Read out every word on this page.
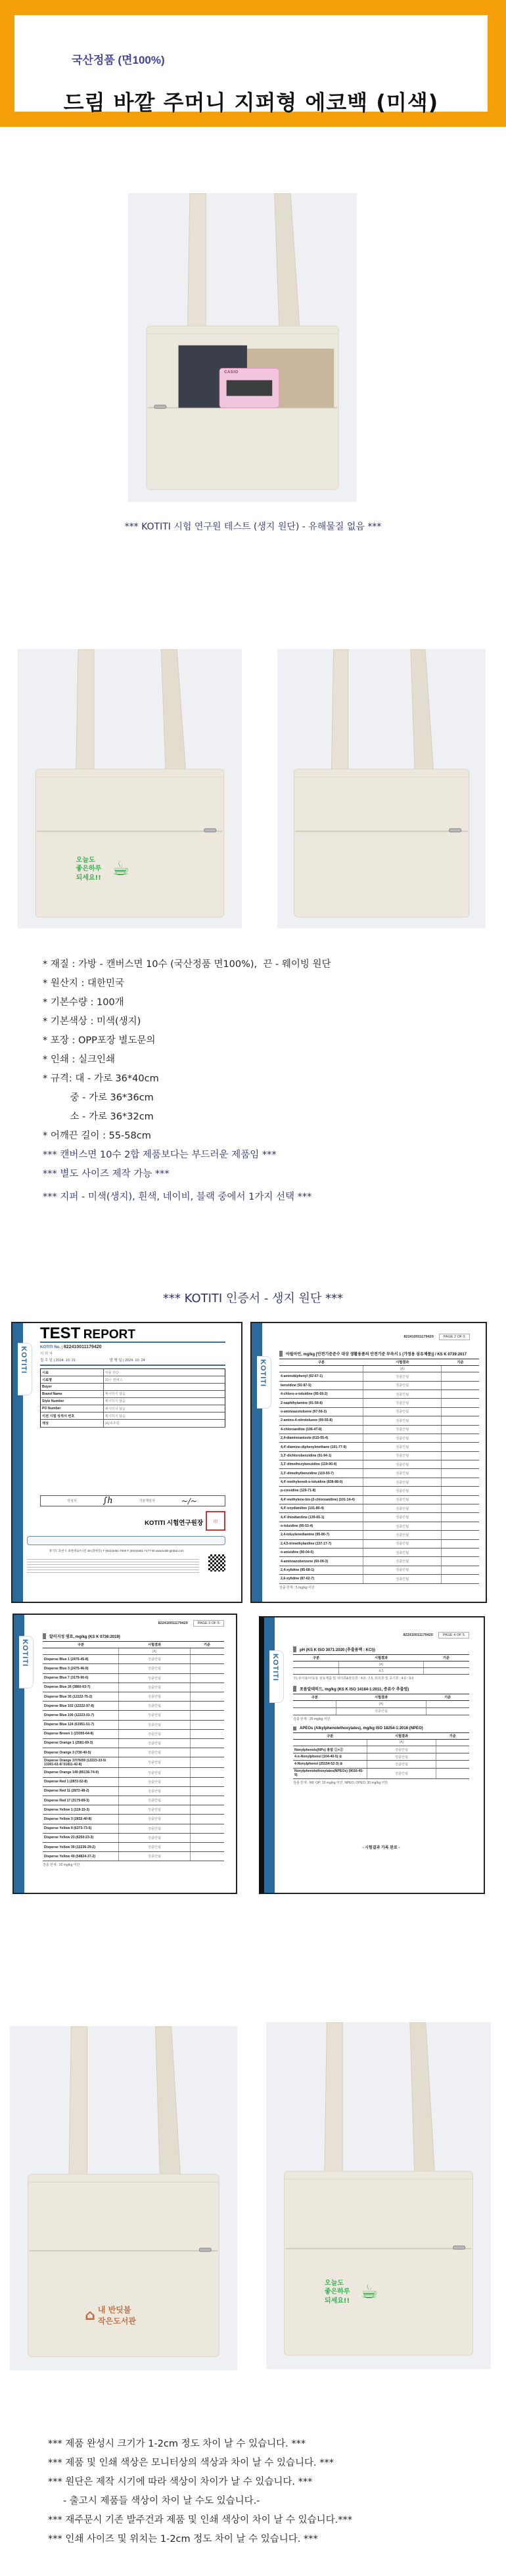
국산정품 (면100%)
드림 바깥 주머니 지퍼형 에코백 (미색)
CASIO
*** KOTITI 시험 연구원 테스트 (생지 원단) - 유해물질 없음 ***
오늘도
좋은하루
되세요!! ☕
* 재질 : 가방 - 캔버스면 10수 (국산정품 면100%),  끈 - 웨이빙 원단
* 원산지 : 대한민국
* 기본수량 : 100개
* 기본색상 : 미색(생지)
* 포장 : OPP포장 별도문의
* 인쇄 : 실크인쇄
* 규격: 대 - 가로 36*40cm
중 - 가로 36*36cm
소 - 가로 36*32cm
* 어깨끈 길이 : 55-58cm
*** 캔버스면 10수 2합 제품보다는 부드러운 제품임 ***
*** 별도 사이즈 제작 가능 ***
*** 지퍼 - 미색(생지), 흰색, 네이비, 블랙 중에서 1가지 선택 ***
*** KOTITI 인증서 - 생지 원단 ***
KOTITI
TEST REPORT
KOTITI No. | 822410011179420
의 뢰 자
접 수 일 | 2024. 10. 21	발 행 일 | 2024. 10. 24
시료	직물 원단
시료명	10수 캔버스
Buyer	
Brand Name	제시하지 않음
Style Number	제시하지 않음
PO Number	제시하지 않음
이전 시험 성적서 번호	제시하지 않음
색상	(A)네추럴
작성자	∫h	기술책임자	~∕~
KOTITI 시험연구원장	印
경기도 과천시 과천대로7나길 48 (갈현동) T (822)3451-7000 F (822)3451-7177 W www.kotiti-global.com
KOTITI
822410011179420	PAGE 2 OF 5
아릴아민, mg/kg [안전기준준수 대상 생활용품의 안전기준 부속서 1 (가정용 섬유제품)] / KS K 0739:2017
구분	시험결과	기준
	(A)	
4-aminobiphenyl (92-67-1)	검출안됨	
benzidine (92-87-5)	검출안됨	
4-chloro-o-toluidine (95-69-2)	검출안됨	
2-naphthylamine (91-59-8)	검출안됨	
o-aminoazotoluene (97-56-3)	검출안됨	
2-amino-4-nitrotoluene (99-55-8)	검출안됨	
4-chloroaniline (106-47-8)	검출안됨	
2,4-diaminoanisole (615-05-4)	검출안됨	
4,4'-diamino-diphenylmethane (101-77-9)	검출안됨	
3,3'-dichlorobenzidine (91-94-1)	검출안됨	
3,3'-dimethoxybenzidine (119-90-4)	검출안됨	
3,3'-dimethylbenzidine (119-93-7)	검출안됨	
4,4'-methylenedi-o-toluidine (838-88-0)	검출안됨	
p-cresidine (120-71-8)	검출안됨	
4,4'-methylene-bis-(2-chloroaniline) (101-14-4)	검출안됨	
4,4'-oxydianiline (101-80-4)	검출안됨	
4,4'-thiodianiline (139-65-1)	검출안됨	
o-toluidine (95-53-4)	검출안됨	
2,4-toluylenediamine (95-80-7)	검출안됨	
2,4,5-trimethylaniline (137-17-7)	검출안됨	
o-anisidine (90-04-0)	검출안됨	
4-aminoazobenzene (60-09-3)	검출안됨	
2,4-xylidine (95-68-1)	검출안됨	
2,6-xylidine (87-62-7)	검출안됨	
검출 한계 : 5 mg/kg 미만
KOTITI
822410011179420	PAGE 3 OF 5
알러지성 염료, mg/kg (KS K 0736:2019)
구분	시험결과	기준
	(A)	
Disperse Blue 1 (2475-45-8)	검출안됨	
Disperse Blue 3 (2475-46-9)	검출안됨	
Disperse Blue 7 (3179-90-6)	검출안됨	
Disperse Blue 26 (3860-63-7)	검출안됨	
Disperse Blue 35 (12222-75-2)	검출안됨	
Disperse Blue 102 (12222-97-8)	검출안됨	
Disperse Blue 106 (12223-01-7)	검출안됨	
Disperse Blue 124 (61951-51-7)	검출안됨	
Disperse Brown 1 (23355-64-8)	검출안됨	
Disperse Orange 1 (2581-69-3)	검출안됨	
Disperse Orange 3 (730-40-5)	검출안됨	
Disperse Orange 37/76/59 (12223-33-5/ 13301-61-6/ 51811-42-8)	검출안됨	
Disperse Orange 149 (85136-74-9)	검출안됨	
Disperse Red 1 (2872-52-8)	검출안됨	
Disperse Red 11 (2872-48-2)	검출안됨	
Disperse Red 17 (3179-89-3)	검출안됨	
Disperse Yellow 1 (119-15-3)	검출안됨	
Disperse Yellow 3 (2832-40-8)	검출안됨	
Disperse Yellow 9 (6373-73-5)	검출안됨	
Disperse Yellow 23 (6250-23-3)	검출안됨	
Disperse Yellow 39 (12236-29-2)	검출안됨	
Disperse Yellow 49 (54824-37-2)	검출안됨	
검출 한계 : 20 mg/kg 미만
KOTITI
822410011179420	PAGE 4 OF 5
pH (KS K ISO 3071:2020 (추출용액 : KCl))
구분	시험결과	기준
	(A)	
	4.5	
주) 유아용/어동용 섬유제품 및 내의류&잠옷류 : 4.0 - 7.5, 외의류 및 중기류 : 4.0 - 9.0
포름알데히드, mg/kg (KS K ISO 14184-1:2011, 증류수 추출법)
구분	시험결과	기준
	(A)	
	검출안됨	
검출 한계 : 20 mg/kg 미만
APEOs (Alkylphenolethoxylates), mg/kg ISO 18254-1:2016 (NPEO)
구분	시험결과	기준
	(A)	
Nonylphenols(NPs) 총합 ①+②	검출안됨	
4-n-Nonylphenol (104-40-5) ①	검출안됨	
4-Nonylphenol (25154-52-3) ②	검출안됨	
Nonylphenolethoxylates(NPEOs) (9016-45-9)	검출안됨	
검출 한계 : NP, OP: 10 mg/kg 미만, NPEO, OPEO: 30 mg/kg 미만
- 시험결과 가록 완료 -
⌂ 내 반딧불
작은도서관
오늘도
좋은하루
되세요!! ☕
*** 제품 완성시 크기가 1-2cm 정도 차이 날 수 있습니다. ***
*** 제품 및 인쇄 색상은 모니터상의 색상과 차이 날 수 있습니다. ***
*** 원단은 제작 시기에 따라 색상이 차이가 날 수 있습니다. ***
- 출고시 제품들 색상이 차이 날 수도 있습니다.-
*** 재주문시 기존 발주건과 제품 및 인쇄 색상이 차이 날 수 있습니다.***
*** 인쇄 사이즈 및 위치는 1-2cm 정도 차이 날 수 있습니다. ***
